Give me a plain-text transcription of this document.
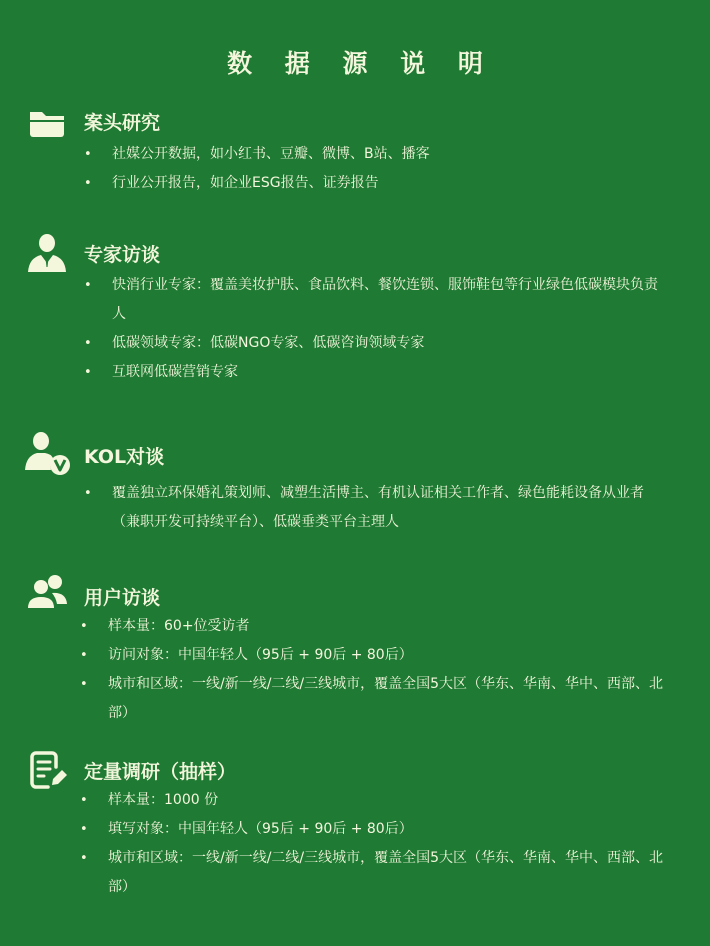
数 据 源 说 明
案头研究
• 社媒公开数据，如小红书、豆瓣、微博、B站、播客
• 行业公开报告，如企业ESG报告、证券报告
专家访谈
• 快消行业专家：覆盖美妆护肤、食品饮料、餐饮连锁、服饰鞋包等行业绿色低碳模块负责人
• 低碳领域专家：低碳NGO专家、低碳咨询领域专家
• 互联网低碳营销专家
KOL对谈
• 覆盖独立环保婚礼策划师、减塑生活博主、有机认证相关工作者、绿色能耗设备从业者（兼职开发可持续平台）、低碳垂类平台主理人
用户访谈
• 样本量：60+位受访者
• 访问对象：中国年轻人（95后 + 90后 + 80后）
• 城市和区域：一线/新一线/二线/三线城市，覆盖全国5大区（华东、华南、华中、西部、北部）
定量调研（抽样）
• 样本量：1000 份
• 填写对象：中国年轻人（95后 + 90后 + 80后）
• 城市和区域：一线/新一线/二线/三线城市，覆盖全国5大区（华东、华南、华中、西部、北部）
